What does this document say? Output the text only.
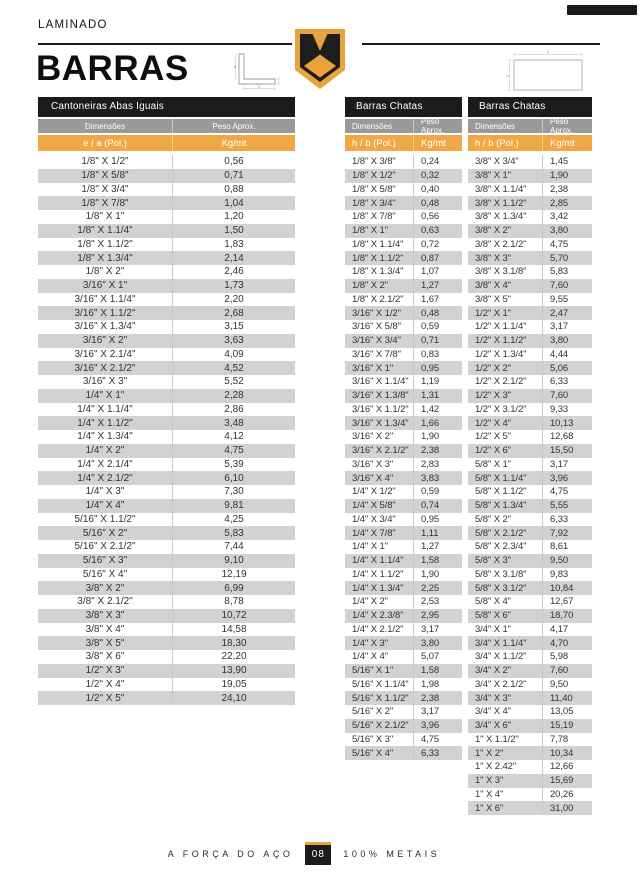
LAMINADO
BARRAS	a
e
b
h
Cantoneiras Abas Iguais
Dimensões	Peso Aprox.
e / a (Pol.)	Kg/mt
1/8" X 1/2"	0,56
1/8" X 5/8"	0,71
1/8" X 3/4"	0,88
1/8" X 7/8"	1,04
1/8" X 1"	1,20
1/8" X 1.1/4"	1,50
1/8" X 1.1/2"	1,83
1/8" X 1.3/4"	2,14
1/8" X 2"	2,46
3/16" X 1"	1,73
3/16" X 1.1/4"	2,20
3/16" X 1.1/2"	2,68
3/16" X 1.3/4"	3,15
3/16" X 2"	3,63
3/16" X 2.1/4"	4,09
3/16" X 2.1/2"	4,52
3/16" X 3"	5,52
1/4" X 1"	2,28
1/4" X 1.1/4"	2,86
1/4" X 1.1/2"	3,48
1/4" X 1.3/4"	4,12
1/4" X 2"	4,75
1/4" X 2.1/4"	5,39
1/4" X 2.1/2"	6,10
1/4" X 3"	7,30
1/4" X 4"	9,81
5/16" X 1.1/2"	4,25
5/16" X 2"	5,83
5/16" X 2.1/2"	7,44
5/16" X 3"	9,10
5/16" X 4"	12,19
3/8" X 2"	6,99
3/8" X 2.1/2"	8,78
3/8" X 3"	10,72
3/8" X 4"	14,58
3/8" X 5"	18,30
3/8" X 6"	22,20
1/2" X 3"	13,90
1/2" X 4"	19,05
1/2" X 5"	24,10
Barras Chatas
Dimensões	Peso Aprox.
h / b (Pol.)	Kg/mt
1/8" X 3/8"	0,24
1/8" X 1/2"	0,32
1/8" X 5/8"	0,40
1/8" X 3/4"	0,48
1/8" X 7/8"	0,56
1/8" X 1"	0,63
1/8" X 1.1/4"	0,72
1/8" X 1.1/2"	0,87
1/8" X 1.3/4"	1,07
1/8" X 2"	1,27
1/8" X 2.1/2"	1,67
3/16" X 1/2"	0,48
3/16" X 5/8"	0,59
3/16" X 3/4"	0,71
3/16" X 7/8"	0,83
3/16" X 1"	0,95
3/16" X 1.1/4"	1,19
3/16" X 1.3/8"	1,31
3/16" X 1.1/2"	1,42
3/16" X 1.3/4"	1,66
3/16" X 2"	1,90
3/16" X 2.1/2"	2,38
3/16" X 3"	2,83
3/16" X 4"	3,83
1/4" X 1/2"	0,59
1/4" X 5/8"	0,74
1/4" X 3/4"	0,95
1/4" X 7/8"	1,11
1/4" X 1"	1,27
1/4" X 1.1/4"	1,58
1/4" X 1.1/2"	1,90
1/4" X 1.3/4"	2,25
1/4" X 2"	2,53
1/4" X 2.3/8"	2,95
1/4" X 2.1/2"	3,17
1/4" X 3"	3,80
1/4" X 4"	5,07
5/16" X 1"	1,58
5/16" X 1.1/4"	1,98
5/16" X 1.1/2"	2,38
5/16" X 2"	3,17
5/16" X 2.1/2"	3,96
5/16" X 3"	4,75
5/16" X 4"	6,33
Barras Chatas
Dimensões	Peso Aprox.
h / b (Pol.)	Kg/mt
3/8" X 3/4"	1,45
3/8" X 1"	1,90
3/8" X 1.1/4"	2,38
3/8" X 1.1/2"	2,85
3/8" X 1.3/4"	3,42
3/8" X 2"	3,80
3/8" X 2.1/2"	4,75
3/8" X 3"	5,70
3/8" X 3.1/8"	5,83
3/8" X 4"	7,60
3/8" X 5"	9,55
1/2" X 1"	2,47
1/2" X 1.1/4"	3,17
1/2" X 1.1/2"	3,80
1/2" X 1.3/4"	4,44
1/2" X 2"	5,06
1/2" X 2.1/2"	6,33
1/2" X 3"	7,60
1/2" X 3.1/2"	9,33
1/2" X 4"	10,13
1/2" X 5"	12,68
1/2" X 6"	15,50
5/8" X 1"	3,17
5/8" X 1.1/4"	3,96
5/8" X 1.1/2"	4,75
5/8" X 1.3/4"	5,55
5/8" X 2"	6,33
5/8" X 2.1/2"	7,92
5/8" X 2.3/4"	8,61
5/8" X 3"	9,50
5/8" X 3.1/8"	9,83
5/8" X 3.1/2"	10,84
5/8" X 4"	12,67
5/8" X 6"	18,70
3/4" X 1"	4,17
3/4" X 1.1/4"	4,70
3/4" X 1.1/2"	5,98
3/4" X 2"	7,60
3/4" X 2.1/2"	9,50
3/4" X 3"	11,40
3/4" X 4"	13,05
3/4" X 6"	15,19
1" X 1.1/2"	7,78
1" X 2"	10,34
1" X 2.42"	12,66
1" X 3"	15,69
1" X 4"	20,26
1" X 6"	31,00
A FORÇA DO AÇO	08	100% METAIS
